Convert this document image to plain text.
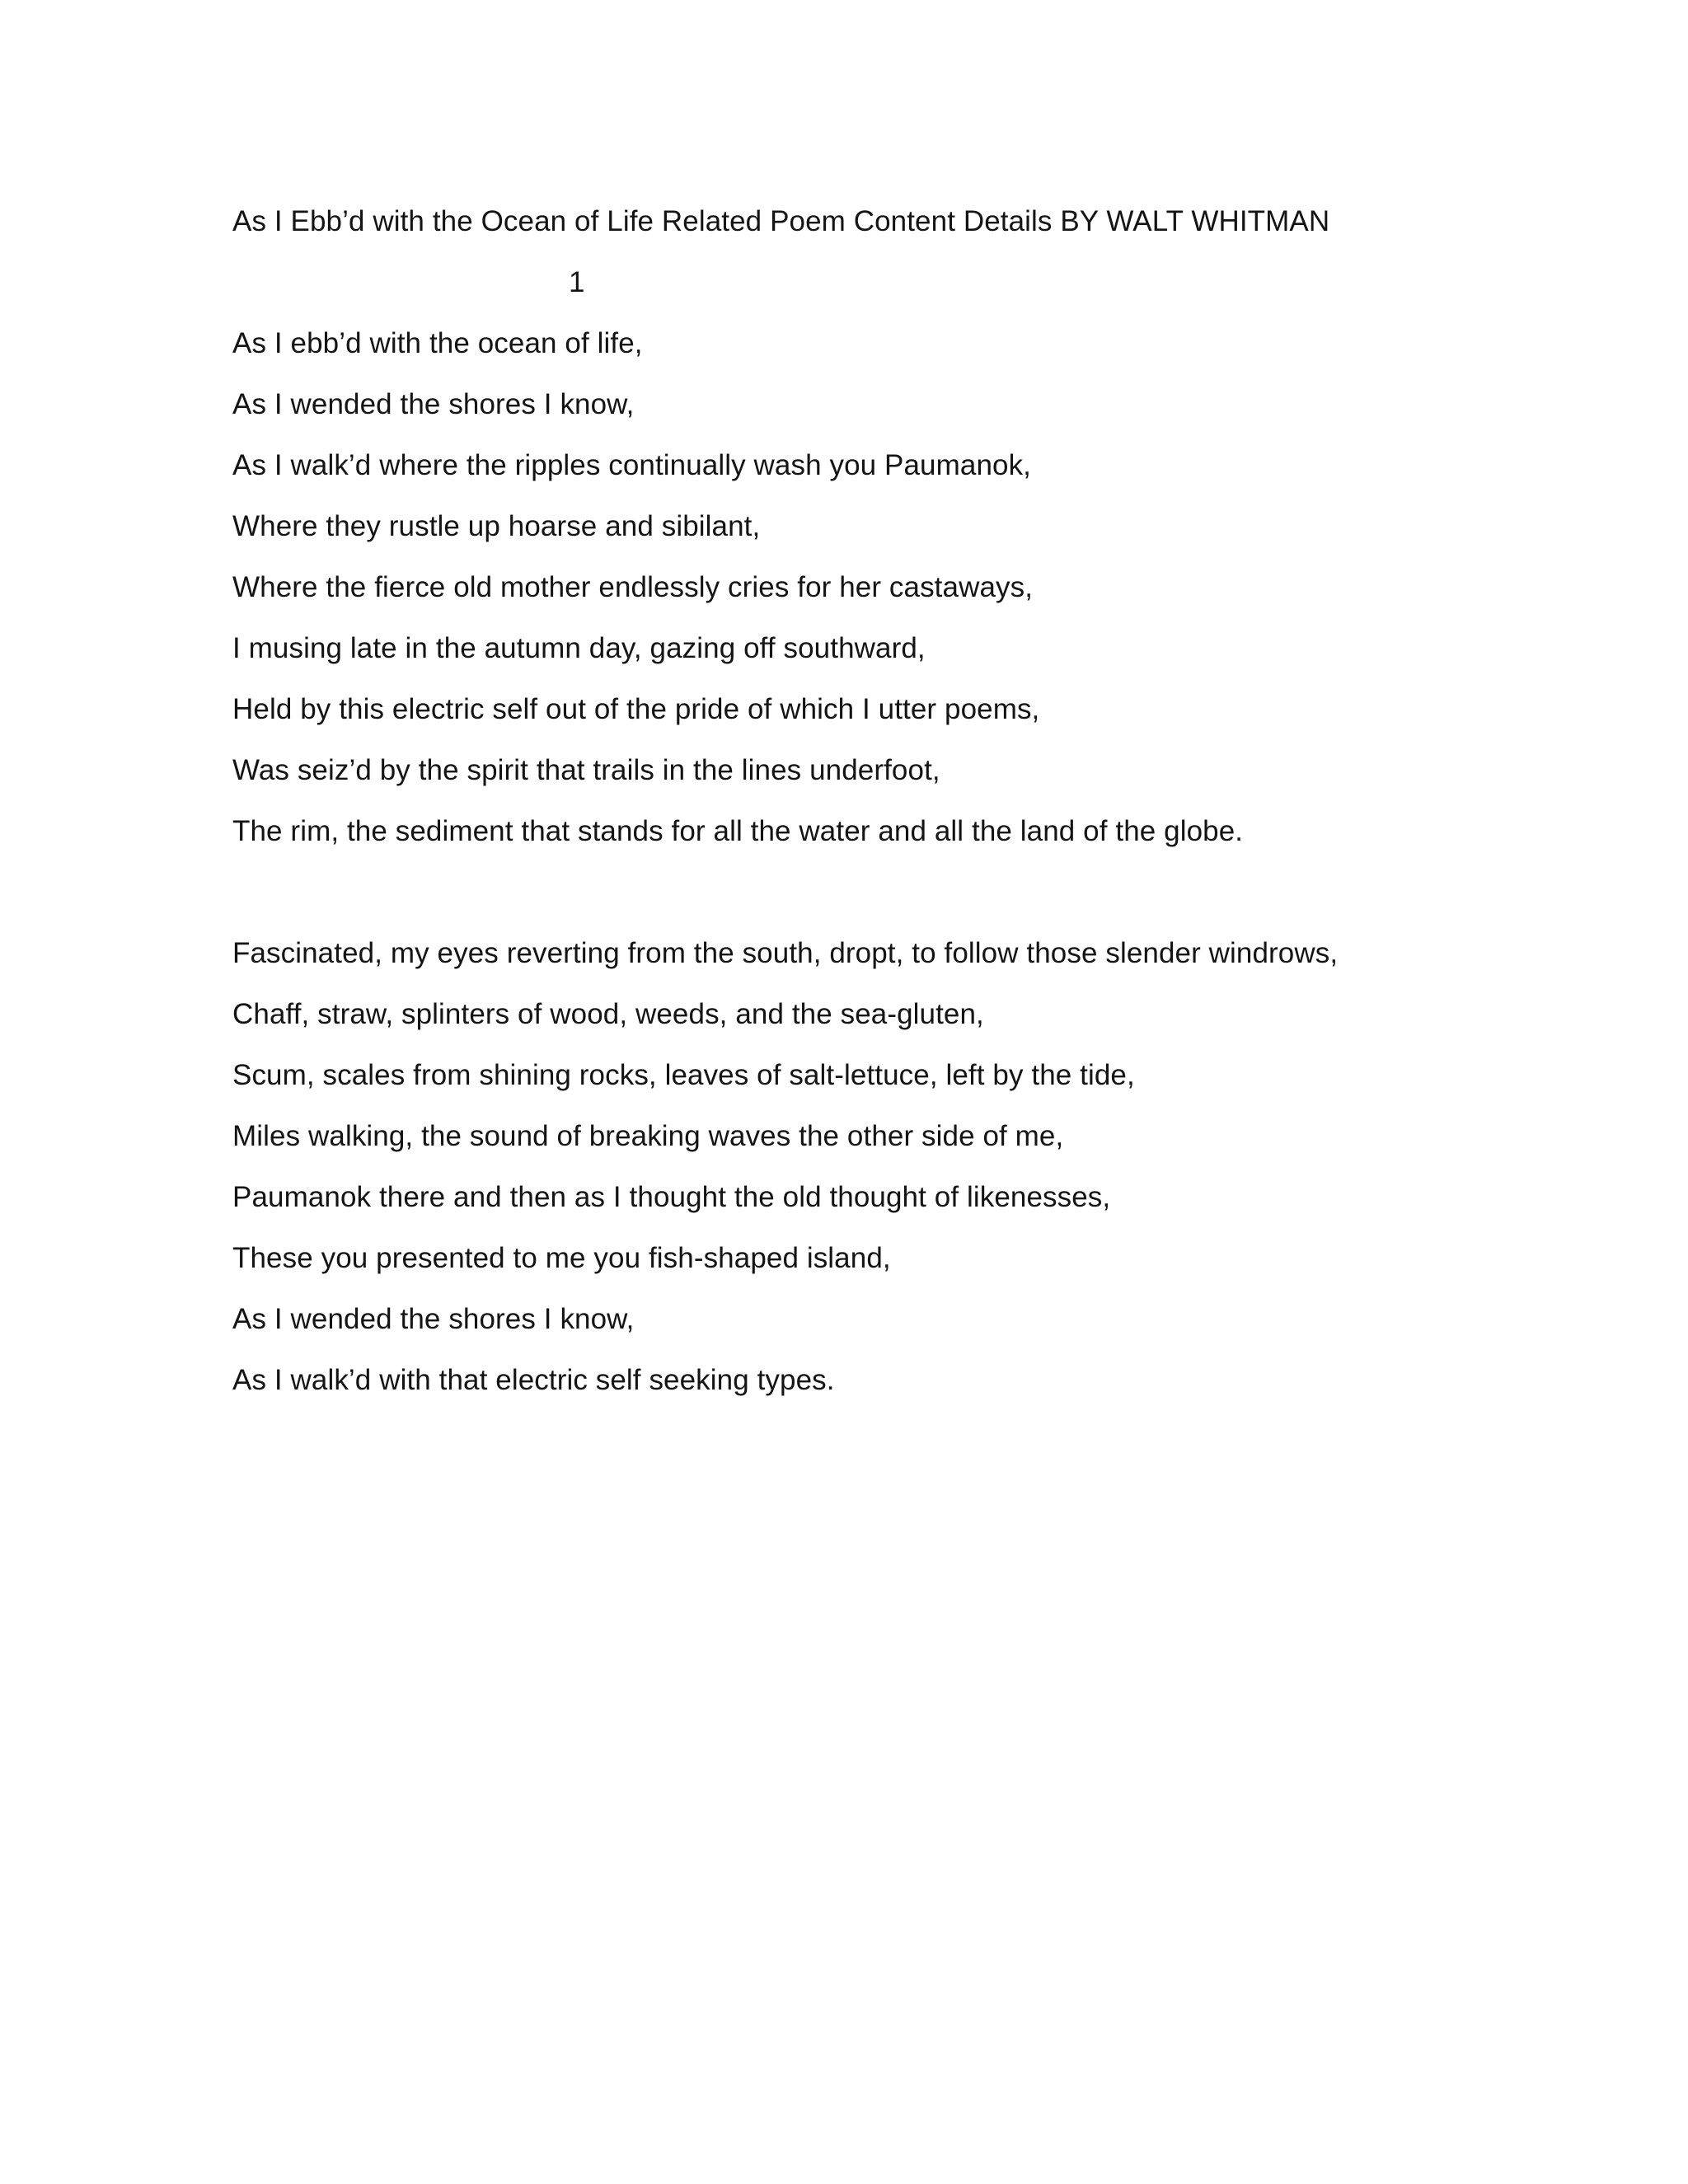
As I Ebb’d with the Ocean of Life Related Poem Content Details BY WALT WHITMAN
1
As I ebb’d with the ocean of life,
As I wended the shores I know,
As I walk’d where the ripples continually wash you Paumanok,
Where they rustle up hoarse and sibilant,
Where the fierce old mother endlessly cries for her castaways,
I musing late in the autumn day, gazing off southward,
Held by this electric self out of the pride of which I utter poems,
Was seiz’d by the spirit that trails in the lines underfoot,
The rim, the sediment that stands for all the water and all the land of the globe.
Fascinated, my eyes reverting from the south, dropt, to follow those slender windrows,
Chaff, straw, splinters of wood, weeds, and the sea-gluten,
Scum, scales from shining rocks, leaves of salt-lettuce, left by the tide,
Miles walking, the sound of breaking waves the other side of me,
Paumanok there and then as I thought the old thought of likenesses,
These you presented to me you fish-shaped island,
As I wended the shores I know,
As I walk’d with that electric self seeking types.
